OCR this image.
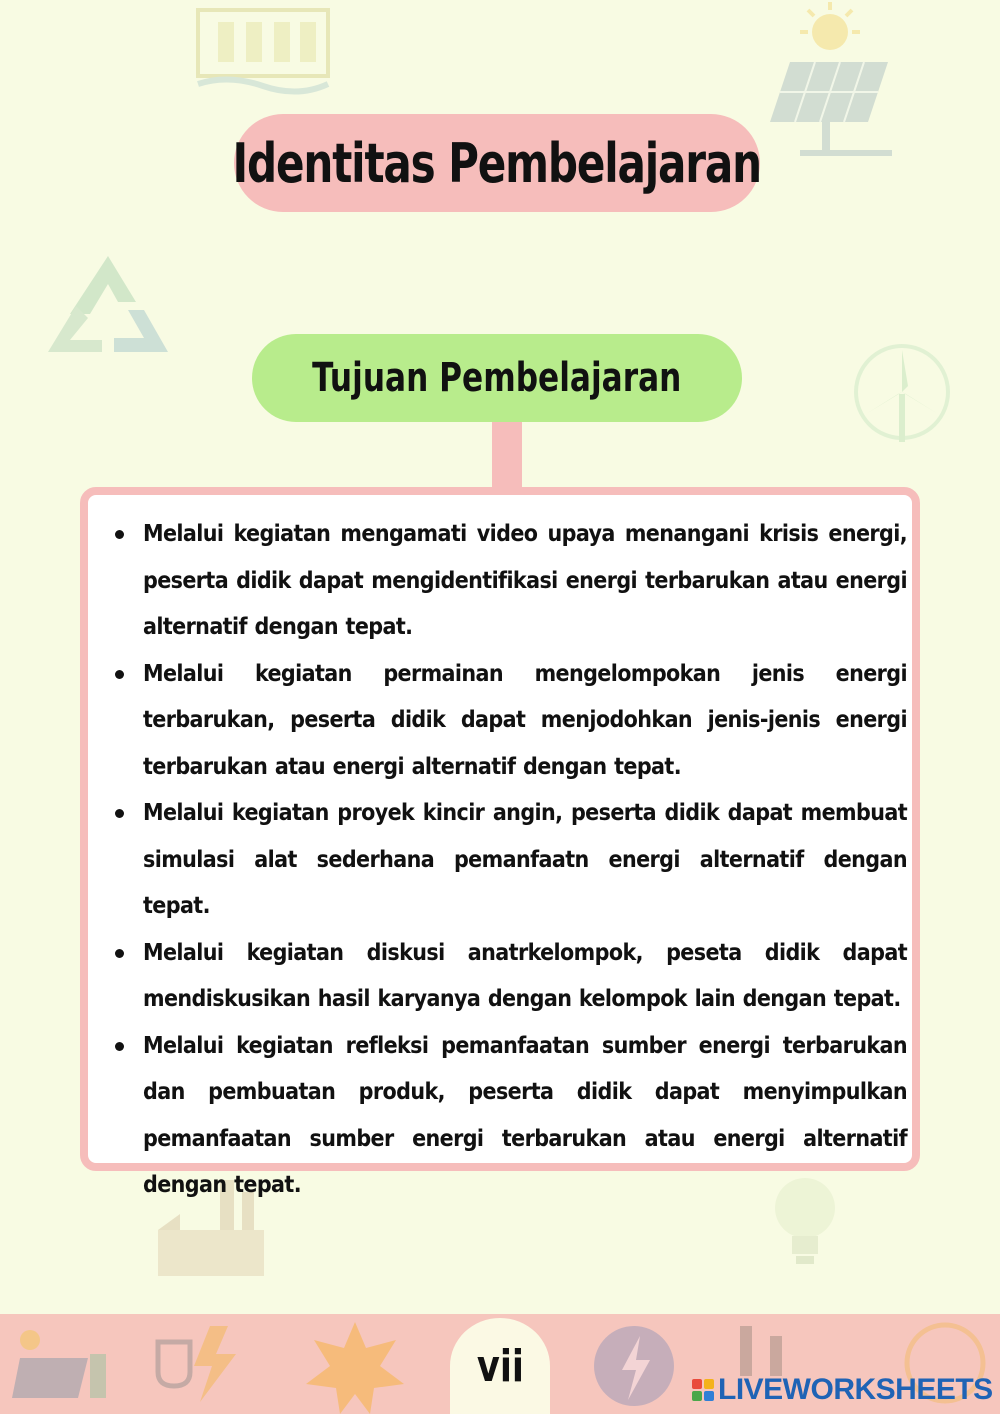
Identitas Pembelajaran
Tujuan Pembelajaran
Melalui kegiatan mengamati video upaya menangani krisis energi, peserta didik dapat mengidentifikasi energi terbarukan atau energi alternatif dengan tepat.
Melalui kegiatan permainan mengelompokan jenis energi terbarukan, peserta didik dapat menjodohkan jenis-jenis energi terbarukan atau energi alternatif dengan tepat.
Melalui kegiatan proyek kincir angin, peserta didik dapat membuat simulasi alat sederhana pemanfaatn energi alternatif dengan tepat.
Melalui kegiatan diskusi anatrkelompok, peseta didik dapat mendiskusikan hasil karyanya dengan kelompok lain dengan tepat.
Melalui kegiatan refleksi pemanfaatan sumber energi terbarukan dan pembuatan produk, peserta didik dapat menyimpulkan pemanfaatan sumber energi terbarukan atau energi alternatif dengan tepat.
vii	LIVEWORKSHEETS
